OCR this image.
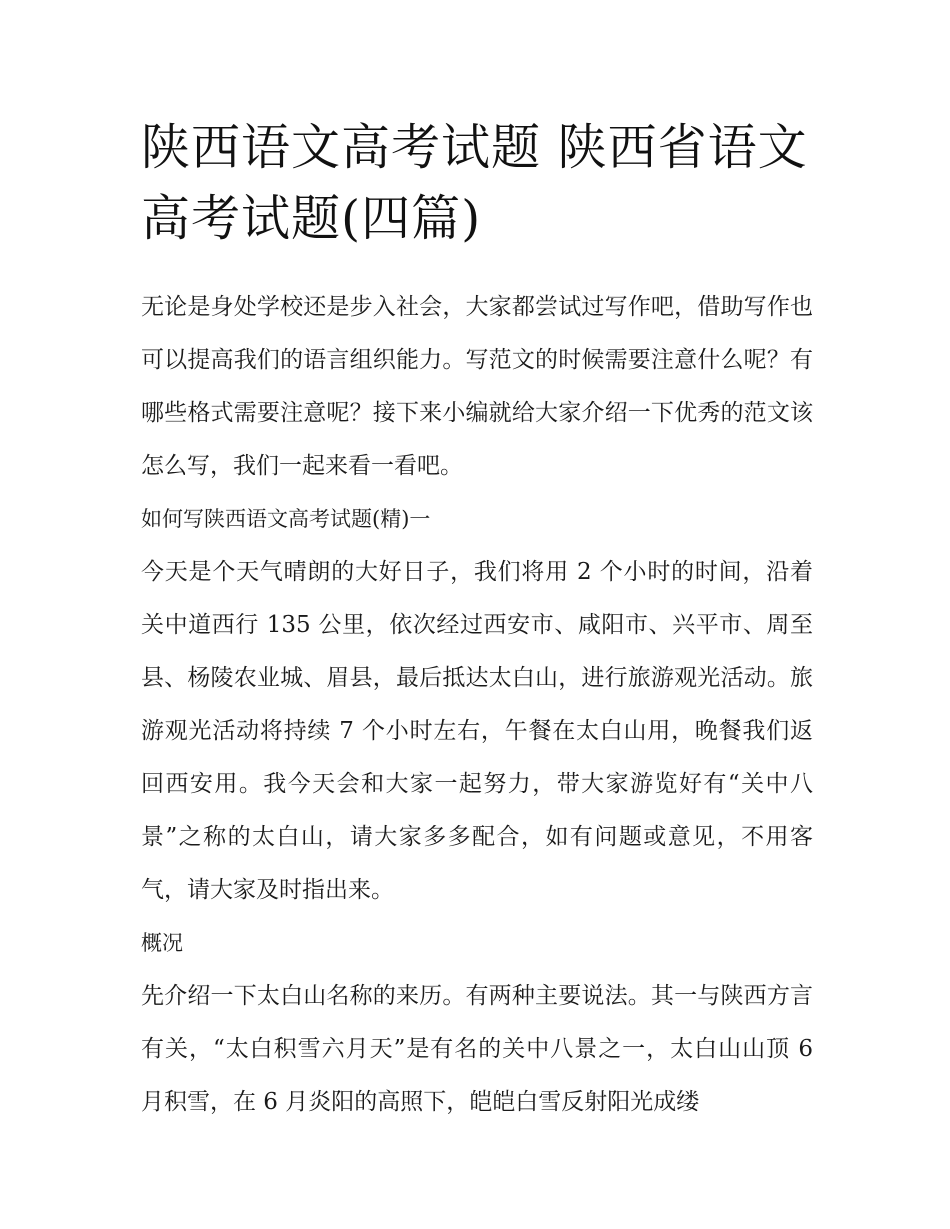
陕西语文高考试题 陕西省语文高考试题(四篇)

无论是身处学校还是步入社会，大家都尝试过写作吧，借助写作也可以提高我们的语言组织能力。写范文的时候需要注意什么呢？有哪些格式需要注意呢？接下来小编就给大家介绍一下优秀的范文该怎么写，我们一起来看一看吧。

如何写陕西语文高考试题(精)一

今天是个天气晴朗的大好日子，我们将用 2 个小时的时间，沿着关中道西行 135 公里，依次经过西安市、咸阳市、兴平市、周至县、杨陵农业城、眉县，最后抵达太白山，进行旅游观光活动。旅游观光活动将持续 7 个小时左右，午餐在太白山用，晚餐我们返回西安用。我今天会和大家一起努力，带大家游览好有“关中八景”之称的太白山，请大家多多配合，如有问题或意见，不用客气，请大家及时指出来。

概况

先介绍一下太白山名称的来历。有两种主要说法。其一与陕西方言有关，“太白积雪六月天”是有名的关中八景之一，太白山山顶 6 月积雪，在 6 月炎阳的高照下，皑皑白雪反射阳光成缕
